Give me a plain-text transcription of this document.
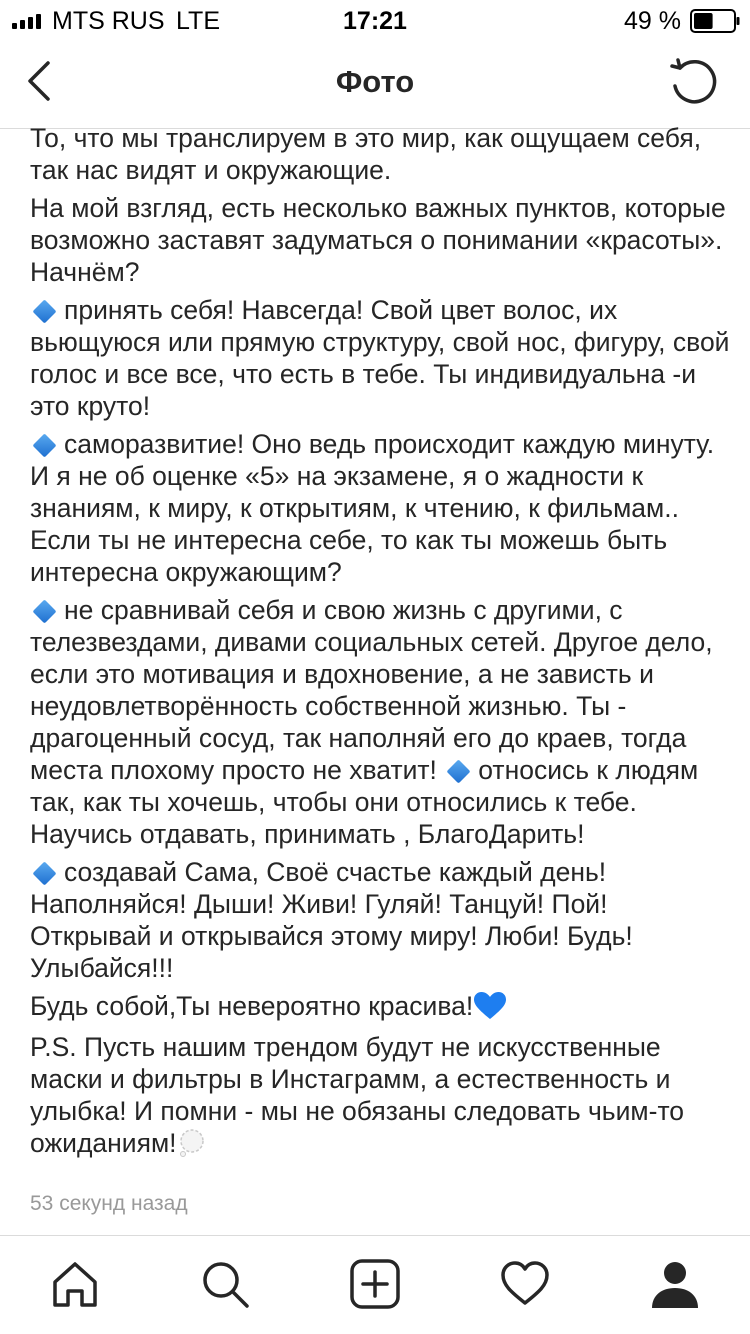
MTS RUS LTE	17:21	49 %
Фото

То, что мы транслируем в это мир, как ощущаем себя, так нас видят и окружающие.

На мой взгляд, есть несколько важных пунктов, которые возможно заставят задуматься о понимании «красоты». Начнём?

принять себя! Навсегда! Свой цвет волос, их вьющуюся или прямую структуру, свой нос, фигуру, свой голос и все все, что есть в тебе. Ты индивидуальна -и это круто!

саморазвитие! Оно ведь происходит каждую минуту. И я не об оценке «5» на экзамене, я о жадности к знаниям, к миру, к открытиям, к чтению, к фильмам.. Если ты не интересна себе, то как ты можешь быть интересна окружающим?

не сравнивай себя и свою жизнь с другими, с телезвездами, дивами социальных сетей. Другое дело, если это мотивация и вдохновение, а не зависть и неудовлетворённость собственной жизнью. Ты - драгоценный сосуд, так наполняй его до краев, тогда места плохому просто не хватит! относись к людям так, как ты хочешь, чтобы они относились к тебе. Научись отдавать, принимать , БлагоДарить!

создавай Сама, Своё счастье каждый день! Наполняйся! Дыши! Живи! Гуляй! Танцуй! Пой! Открывай и открывайся этому миру! Люби! Будь! Улыбайся!!!

Будь собой,Ты невероятно красива!

P.S. Пусть нашим трендом будут не искусственные маски и фильтры в Инстаграмм, а естественность и улыбка! И помни - мы не обязаны следовать чьим-то ожиданиям!

53 секунд назад
